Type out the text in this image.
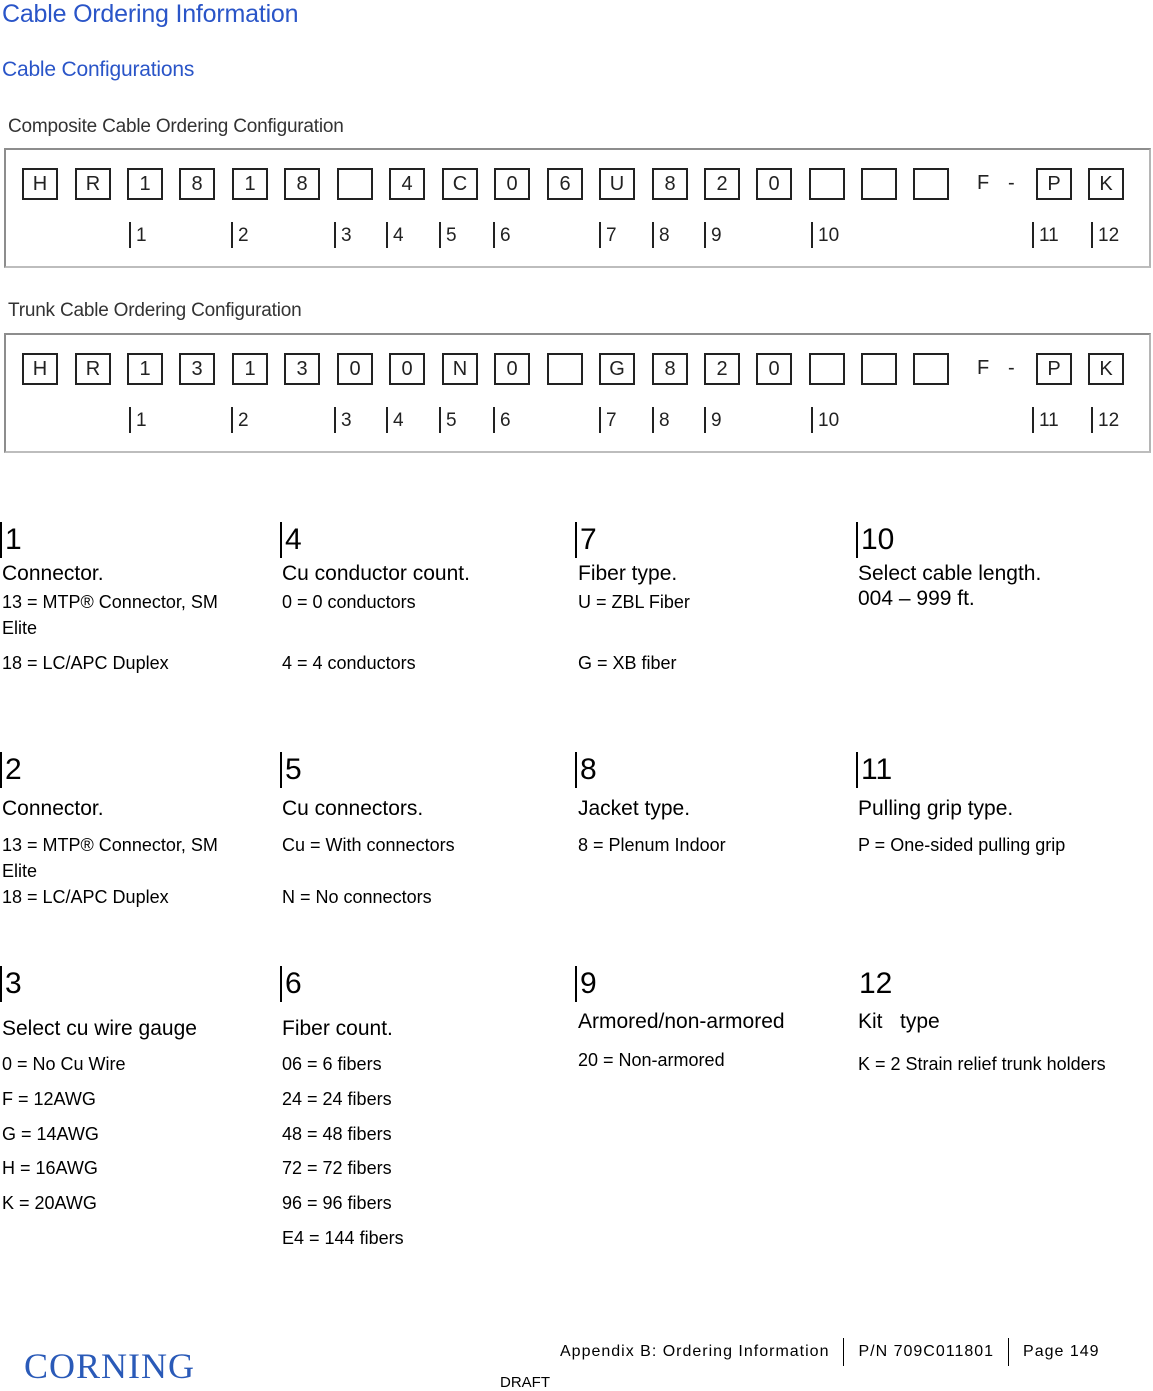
Cable Ordering Information
Cable Configurations
Composite Cable Ordering Configuration
H	R	1	8	1	8	4	C	0	6	U	8	2	0	F -	P	K
1	2	3	4	5	6	7	8	9	10	11	12
Trunk Cable Ordering Configuration
H	R	1	3	1	3	0	0	N	0	G	8	2	0	F -	P	K
1	2	3	4	5	6	7	8	9	10	11	12
1
Connector.
13 = MTP® Connector, SM
Elite
18 = LC/APC Duplex
4
Cu conductor count.
0 = 0 conductors
4 = 4 conductors
7
Fiber type.
U = ZBL Fiber
G = XB fiber
10
Select cable length.
004 – 999 ft.
2
Connector.
13 = MTP® Connector, SM
Elite
18 = LC/APC Duplex
5
Cu connectors.
Cu = With connectors
N = No connectors
8
Jacket type.
8 = Plenum Indoor
11
Pulling grip type.
P = One-sided pulling grip
3
Select cu wire gauge
0 = No Cu Wire
F = 12AWG
G = 14AWG
H = 16AWG
K = 20AWG
6
Fiber count.
06 = 6 fibers
24 = 24 fibers
48 = 48 fibers
72 = 72 fibers
96 = 96 fibers
E4 = 144 fibers
9
Armored/non-armored
20 = Non-armored
12
Kit   type
K = 2 Strain relief trunk holders
CORNING	Appendix B: Ordering Information P/N 709C011801 Page 149
DRAFT
